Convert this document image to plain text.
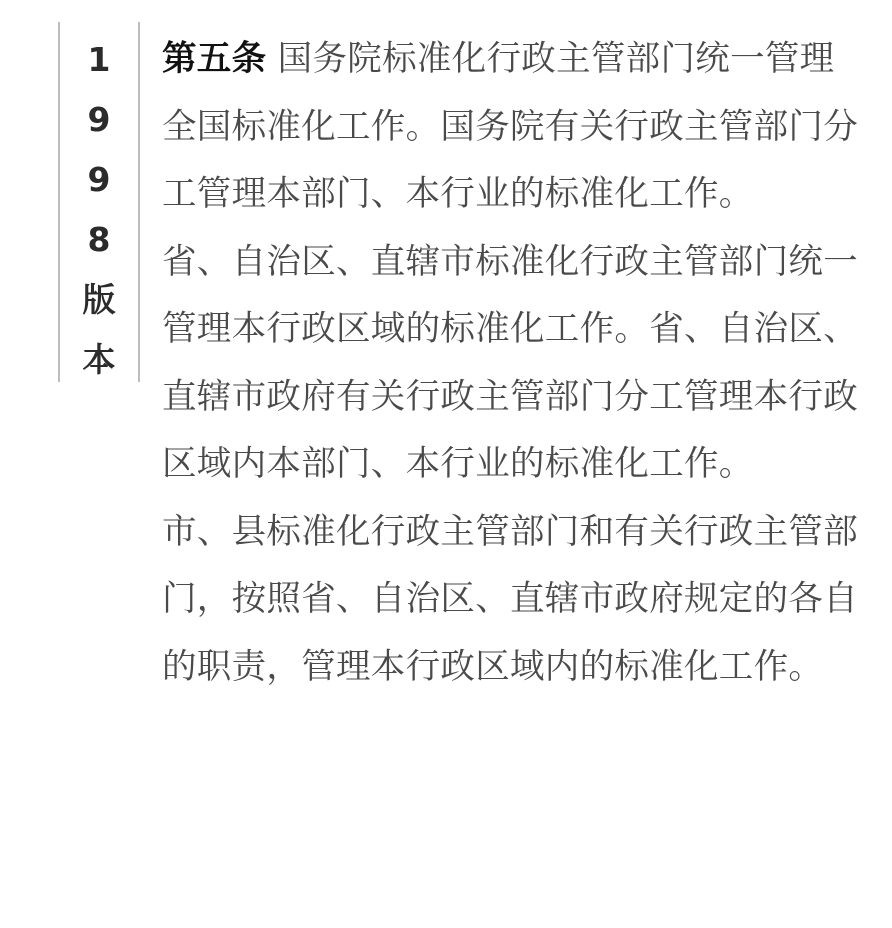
1
9
9
8
版
本

第五条 国务院标准化行政主管部门统一管理全国标准化工作。国务院有关行政主管部门分工管理本部门、本行业的标准化工作。

省、自治区、直辖市标准化行政主管部门统一管理本行政区域的标准化工作。省、自治区、直辖市政府有关行政主管部门分工管理本行政区域内本部门、本行业的标准化工作。

市、县标准化行政主管部门和有关行政主管部门，按照省、自治区、直辖市政府规定的各自的职责，管理本行政区域内的标准化工作。
